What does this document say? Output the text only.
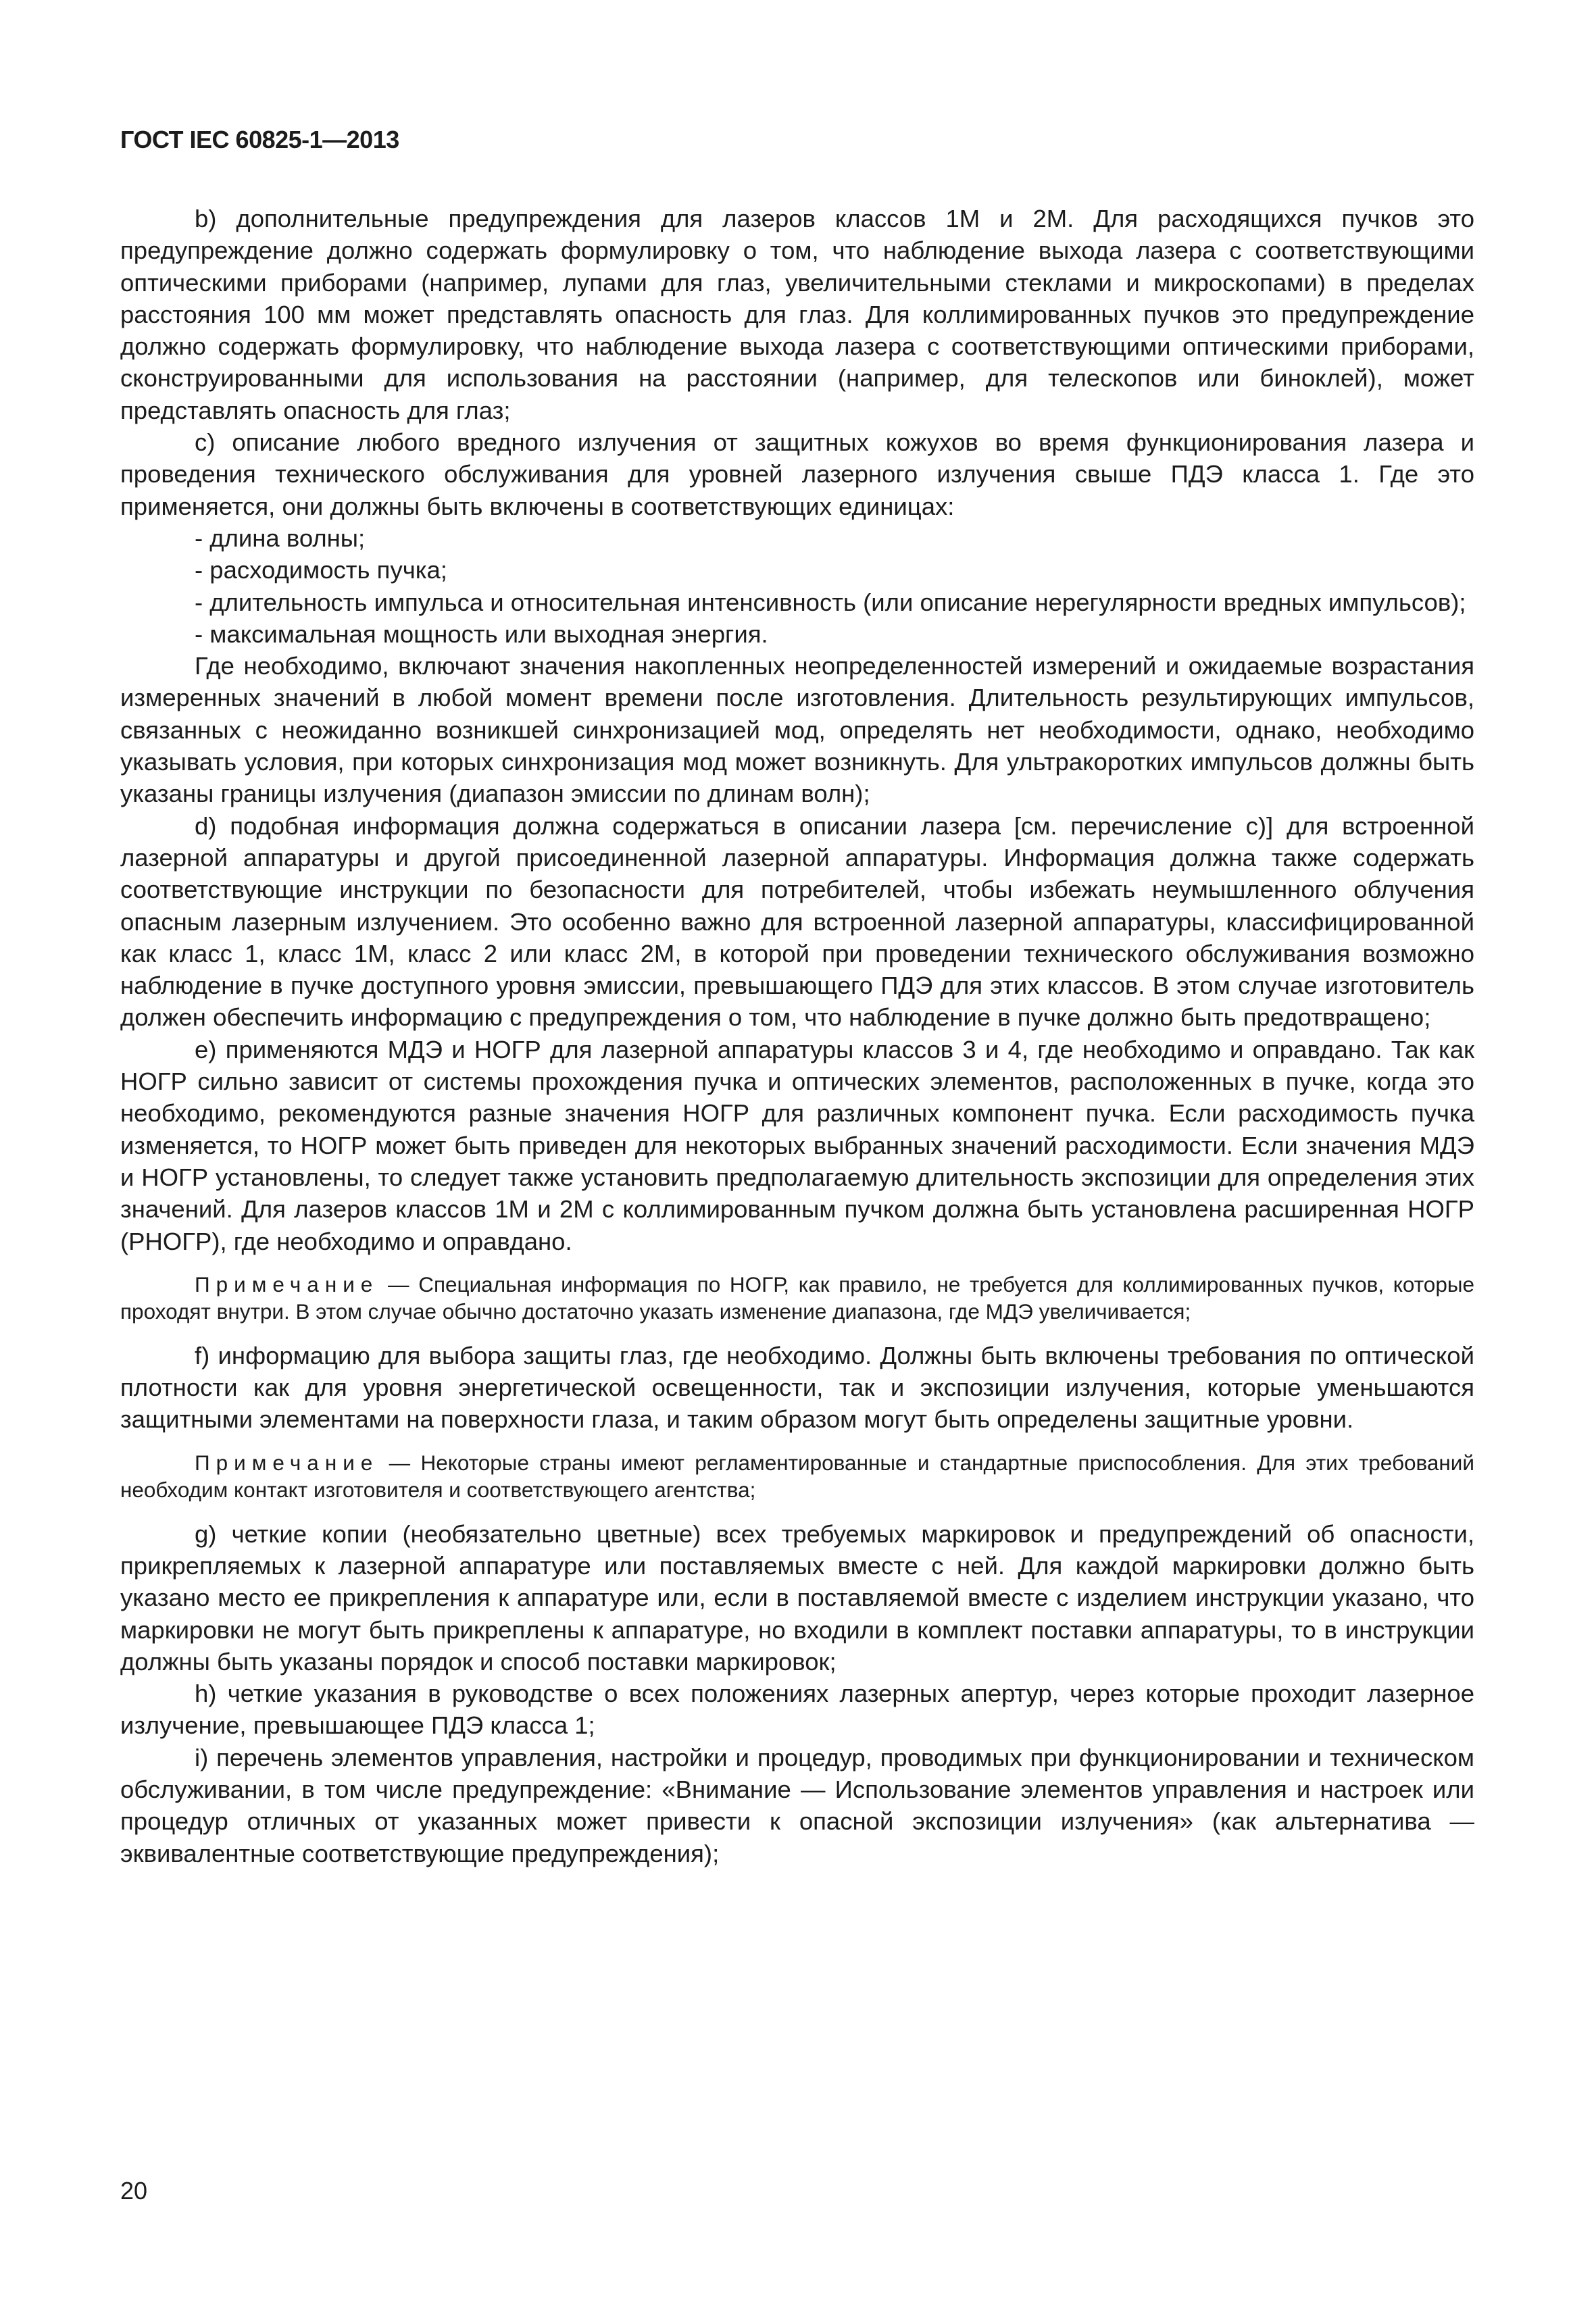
ГОСТ IEC 60825-1—2013

b) дополнительные предупреждения для лазеров классов 1М и 2М. Для расходящихся пучков это предупреждение должно содержать формулировку о том, что наблюдение выхода лазера с соответствующими оптическими приборами (например, лупами для глаз, увеличительными стеклами и микроскопами) в пределах расстояния 100 мм может представлять опасность для глаз. Для коллимированных пучков это предупреждение должно содержать формулировку, что наблюдение выхода лазера с соответствующими оптическими приборами, сконструированными для использования на расстоянии (например, для телескопов или биноклей), может представлять опасность для глаз;

с) описание любого вредного излучения от защитных кожухов во время функционирования лазера и проведения технического обслуживания для уровней лазерного излучения свыше ПДЭ класса 1. Где это применяется, они должны быть включены в соответствующих единицах:

- длина волны;

- расходимость пучка;

- длительность импульса и относительная интенсивность (или описание нерегулярности вредных импульсов);

- максимальная мощность или выходная энергия.

Где необходимо, включают значения накопленных неопределенностей измерений и ожидаемые возрастания измеренных значений в любой момент времени после изготовления. Длительность результирующих импульсов, связанных с неожиданно возникшей синхронизацией мод, определять нет необходимости, однако, необходимо указывать условия, при которых синхронизация мод может возникнуть. Для ультракоротких импульсов должны быть указаны границы излучения (диапазон эмиссии по длинам волн);

d) подобная информация должна содержаться в описании лазера [см. перечисление с)] для встроенной лазерной аппаратуры и другой присоединенной лазерной аппаратуры. Информация должна также содержать соответствующие инструкции по безопасности для потребителей, чтобы избежать неумышленного облучения опасным лазерным излучением. Это особенно важно для встроенной лазерной аппаратуры, классифицированной как класс 1, класс 1М, класс 2 или класс 2М, в которой при проведении технического обслуживания возможно наблюдение в пучке доступного уровня эмиссии, превышающего ПДЭ для этих классов. В этом случае изготовитель должен обеспечить информацию с предупреждения о том, что наблюдение в пучке должно быть предотвращено;

е) применяются МДЭ и НОГР для лазерной аппаратуры классов 3 и 4, где необходимо и оправдано. Так как НОГР сильно зависит от системы прохождения пучка и оптических элементов, расположенных в пучке, когда это необходимо, рекомендуются разные значения НОГР для различных компонент пучка. Если расходимость пучка изменяется, то НОГР может быть приведен для некоторых выбранных значений расходимости. Если значения МДЭ и НОГР установлены, то следует также установить предполагаемую длительность экспозиции для определения этих значений. Для лазеров классов 1М и 2М с коллимированным пучком должна быть установлена расширенная НОГР (РНОГР), где необходимо и оправдано.

Примечание — Специальная информация по НОГР, как правило, не требуется для коллимированных пучков, которые проходят внутри. В этом случае обычно достаточно указать изменение диапазона, где МДЭ увеличивается;

f) информацию для выбора защиты глаз, где необходимо. Должны быть включены требования по оптической плотности как для уровня энергетической освещенности, так и экспозиции излучения, которые уменьшаются защитными элементами на поверхности глаза, и таким образом могут быть определены защитные уровни.

Примечание — Некоторые страны имеют регламентированные и стандартные приспособления. Для этих требований необходим контакт изготовителя и соответствующего агентства;

g) четкие копии (необязательно цветные) всех требуемых маркировок и предупреждений об опасности, прикрепляемых к лазерной аппаратуре или поставляемых вместе с ней. Для каждой маркировки должно быть указано место ее прикрепления к аппаратуре или, если в поставляемой вместе с изделием инструкции указано, что маркировки не могут быть прикреплены к аппаратуре, но входили в комплект поставки аппаратуры, то в инструкции должны быть указаны порядок и способ поставки маркировок;

h) четкие указания в руководстве о всех положениях лазерных апертур, через которые проходит лазерное излучение, превышающее ПДЭ класса 1;

i) перечень элементов управления, настройки и процедур, проводимых при функционировании и техническом обслуживании, в том числе предупреждение: «Внимание — Использование элементов управления и настроек или процедур отличных от указанных может привести к опасной экспозиции излучения» (как альтернатива — эквивалентные соответствующие предупреждения);

20
